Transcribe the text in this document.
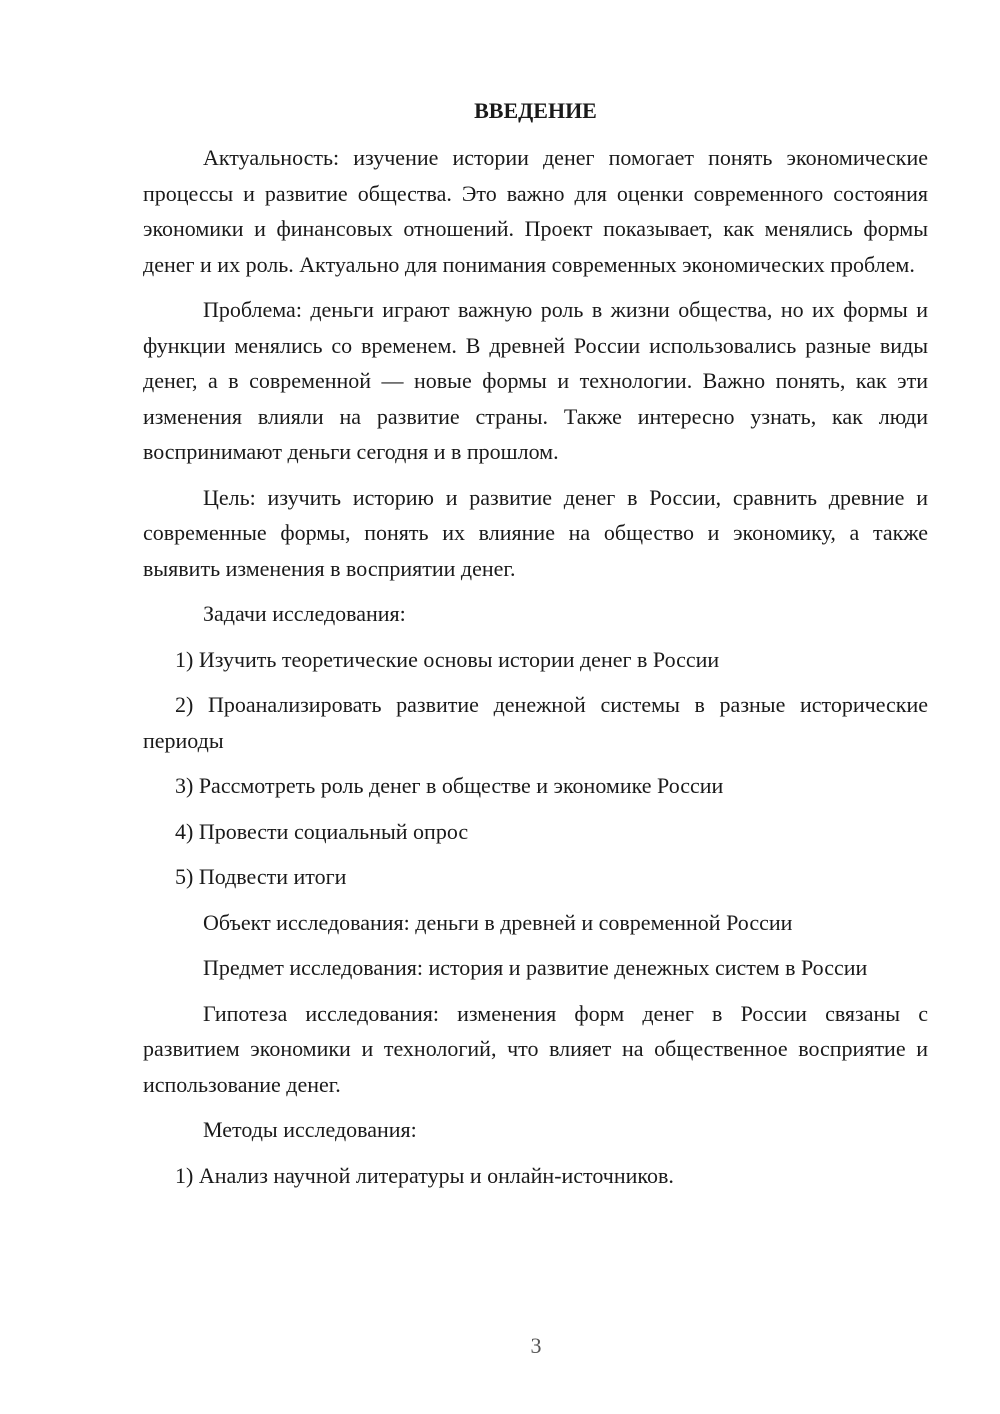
ВВЕДЕНИЕ

Актуальность: изучение истории денег помогает понять экономические процессы и развитие общества. Это важно для оценки современного состояния экономики и финансовых отношений. Проект показывает, как менялись формы денег и их роль. Актуально для понимания современных экономических проблем.

Проблема: деньги играют важную роль в жизни общества, но их формы и функции менялись со временем. В древней России использовались разные виды денег, а в современной — новые формы и технологии. Важно понять, как эти изменения влияли на развитие страны. Также интересно узнать, как люди воспринимают деньги сегодня и в прошлом.

Цель: изучить историю и развитие денег в России, сравнить древние и современные формы, понять их влияние на общество и экономику, а также выявить изменения в восприятии денег.

Задачи исследования:

1) Изучить теоретические основы истории денег в России

2) Проанализировать развитие денежной системы в разные исторические периоды

3) Рассмотреть роль денег в обществе и экономике России

4) Провести социальный опрос

5) Подвести итоги

Объект исследования: деньги в древней и современной России

Предмет исследования: история и развитие денежных систем в России

Гипотеза исследования: изменения форм денег в России связаны с развитием экономики и технологий, что влияет на общественное восприятие и использование денег.

Методы исследования:

1) Анализ научной литературы и онлайн-источников.

3
